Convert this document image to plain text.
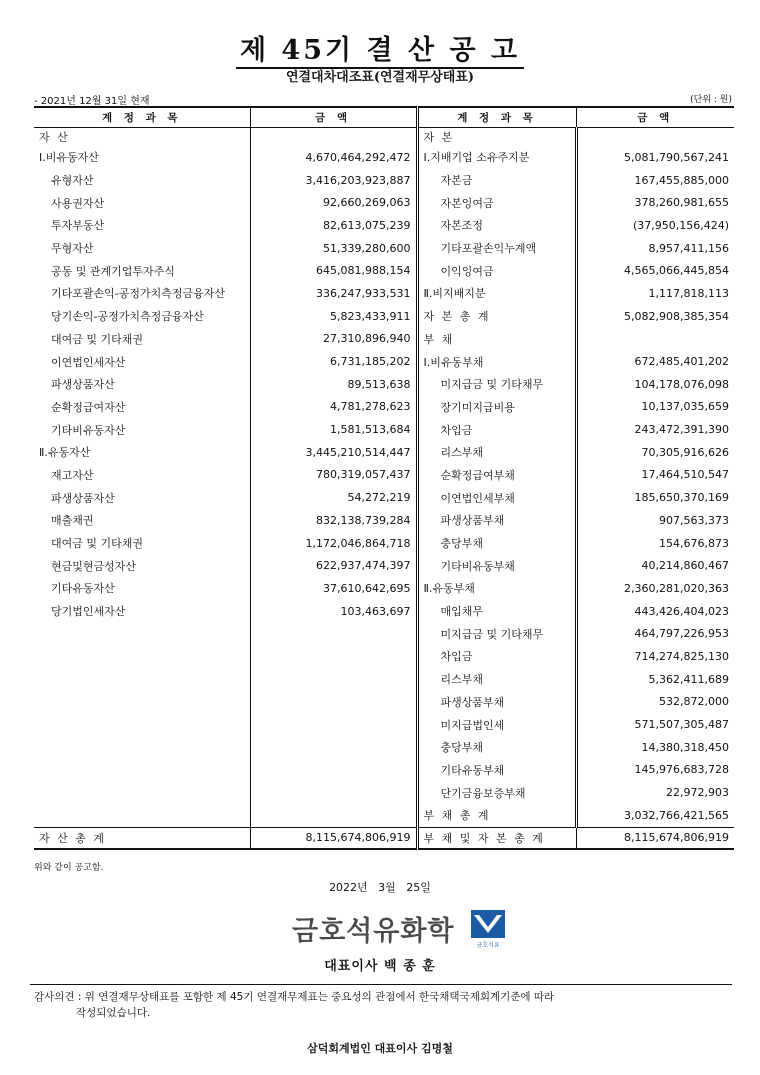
제 45기 결 산 공 고
연결대차대조표(연결재무상태표)
- 2021년 12월 31일 현재	(단위 : 원)
계 정 과 목	금 액	계 정 과 목	금 액
자 산		자 본	
Ⅰ.비유동자산	4,670,464,292,472	Ⅰ.지배기업 소유주지분	5,081,790,567,241
유형자산	3,416,203,923,887	자본금	167,455,885,000
사용권자산	92,660,269,063	자본잉여금	378,260,981,655
투자부동산	82,613,075,239	자본조정	(37,950,156,424)
무형자산	51,339,280,600	기타포괄손익누계액	8,957,411,156
공동 및 관계기업투자주식	645,081,988,154	이익잉여금	4,565,066,445,854
기타포괄손익-공정가치측정금융자산	336,247,933,531	Ⅱ.비지배지분	1,117,818,113
당기손익-공정가치측정금융자산	5,823,433,911	자 본 총 계	5,082,908,385,354
대여금 및 기타채권	27,310,896,940	부 채	
이연법인세자산	6,731,185,202	Ⅰ.비유동부채	672,485,401,202
파생상품자산	89,513,638	미지급금 및 기타채무	104,178,076,098
순확정급여자산	4,781,278,623	장기미지급비용	10,137,035,659
기타비유동자산	1,581,513,684	차입금	243,472,391,390
Ⅱ.유동자산	3,445,210,514,447	리스부채	70,305,916,626
재고자산	780,319,057,437	순확정급여부채	17,464,510,547
파생상품자산	54,272,219	이연법인세부채	185,650,370,169
매출채권	832,138,739,284	파생상품부채	907,563,373
대여금 및 기타채권	1,172,046,864,718	충당부채	154,676,873
현금및현금성자산	622,937,474,397	기타비유동부채	40,214,860,467
기타유동자산	37,610,642,695	Ⅱ.유동부채	2,360,281,020,363
당기법인세자산	103,463,697	매입채무	443,426,404,023
		미지급금 및 기타채무	464,797,226,953
		차입금	714,274,825,130
		리스부채	5,362,411,689
		파생상품부채	532,872,000
		미지급법인세	571,507,305,487
		충당부채	14,380,318,450
		기타유동부채	145,976,683,728
		단기금융보증부채	22,972,903
		부 채 총 계	3,032,766,421,565
자 산 총 계	8,115,674,806,919	부 채 및 자 본 총 계	8,115,674,806,919
위와 같이 공고함.
2022년   3월   25일
금호석유화학	금호석유
대표이사 백 종 훈
감사의견 : 위 연결재무상태표를 포함한 제 45기 연결재무제표는 중요성의 관점에서 한국채택국제회계기준에 따라
작성되었습니다.
삼덕회계법인 대표이사 김명철
